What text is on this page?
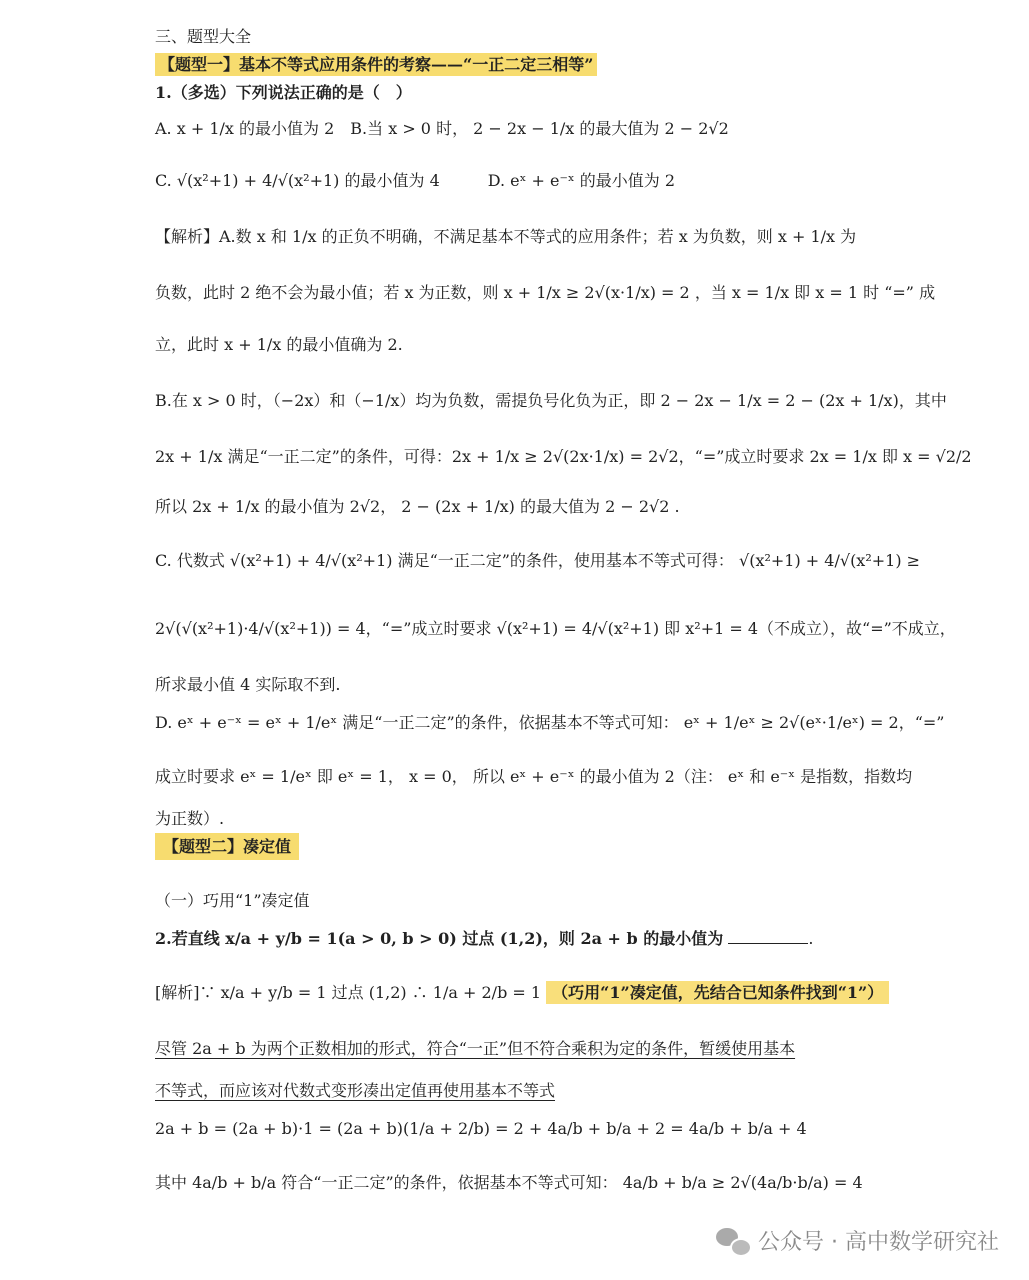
三、题型大全
【题型一】基本不等式应用条件的考察——“一正二定三相等”
1.（多选）下列说法正确的是（　）
A. x + 1/x 的最小值为 2　B.当 x > 0 时， 2 − 2x − 1/x 的最大值为 2 − 2√2
C. √(x²+1) + 4/√(x²+1) 的最小值为 4　　　D. eˣ + e⁻ˣ 的最小值为 2
【解析】A.数 x 和 1/x 的正负不明确，不满足基本不等式的应用条件；若 x 为负数，则 x + 1/x 为
负数，此时 2 绝不会为最小值；若 x 为正数，则 x + 1/x ≥ 2√(x·1/x) = 2 ，当 x = 1/x 即 x = 1 时 “=” 成
立，此时 x + 1/x 的最小值确为 2.
B.在 x > 0 时，（−2x）和（−1/x）均为负数，需提负号化负为正，即 2 − 2x − 1/x = 2 − (2x + 1/x)，其中
2x + 1/x 满足“一正二定”的条件，可得：2x + 1/x ≥ 2√(2x·1/x) = 2√2，“=”成立时要求 2x = 1/x 即 x = √2/2
所以 2x + 1/x 的最小值为 2√2， 2 − (2x + 1/x) 的最大值为 2 − 2√2 .
C. 代数式 √(x²+1) + 4/√(x²+1) 满足“一正二定”的条件，使用基本不等式可得： √(x²+1) + 4/√(x²+1) ≥
2√(√(x²+1)·4/√(x²+1)) = 4，“=”成立时要求 √(x²+1) = 4/√(x²+1) 即 x²+1 = 4（不成立），故“=”不成立，
所求最小值 4 实际取不到.
D. eˣ + e⁻ˣ = eˣ + 1/eˣ 满足“一正二定”的条件，依据基本不等式可知： eˣ + 1/eˣ ≥ 2√(eˣ·1/eˣ) = 2，“=”
成立时要求 eˣ = 1/eˣ 即 eˣ = 1， x = 0， 所以 eˣ + e⁻ˣ 的最小值为 2（注： eˣ 和 e⁻ˣ 是指数，指数均
为正数）.
【题型二】凑定值
（一）巧用“1”凑定值
2.若直线 x/a + y/b = 1(a > 0, b > 0) 过点 (1,2)，则 2a + b 的最小值为	.
[解析]∵ x/a + y/b = 1 过点 (1,2) ∴ 1/a + 2/b = 1 （巧用“1”凑定值，先结合已知条件找到“1”）
尽管 2a + b 为两个正数相加的形式，符合“一正”但不符合乘积为定的条件，暂缓使用基本
不等式，而应该对代数式变形凑出定值再使用基本不等式
2a + b = (2a + b)·1 = (2a + b)(1/a + 2/b) = 2 + 4a/b + b/a + 2 = 4a/b + b/a + 4
其中 4a/b + b/a 符合“一正二定”的条件，依据基本不等式可知： 4a/b + b/a ≥ 2√(4a/b·b/a) = 4
公众号 · 高中数学研究社
